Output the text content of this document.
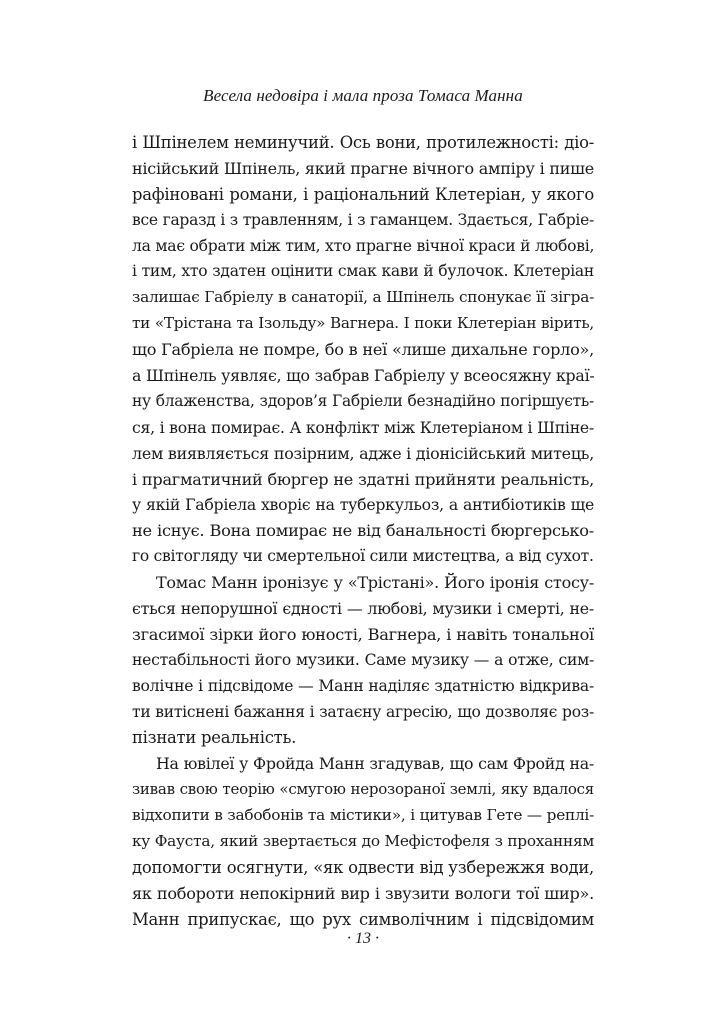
Весела недовіра і мала проза Томаса Манна

і Шпінелем неминучий. Ось вони, протилежності: діо-
нісійський Шпінель, який прагне вічного ампіру і пише
рафіновані романи, і раціональний Клетеріан, у якого
все гаразд і з травленням, і з гаманцем. Здається, Габріе-
ла має обрати між тим, хто прагне вічної краси й любові,
і тим, хто здатен оцінити смак кави й булочок. Клетеріан
залишає Габріелу в санаторії, а Шпінель спонукає її зігра-
ти «Трістана та Ізольду» Вагнера. І поки Клетеріан вірить,
що Габріела не помре, бо в неї «лише дихальне горло»,
а Шпінель уявляє, що забрав Габріелу у всеосяжну краї-
ну блаженства, здоров’я Габріели безнадійно погіршуєть-
ся, і вона помирає. А конфлікт між Клетеріаном і Шпіне-
лем виявляється позірним, адже і діонісійський митець,
і прагматичний бюргер не здатні прийняти реальність,
у якій Габріела хворіє на туберкульоз, а антибіотиків ще
не існує. Вона помирає не від банальності бюргерсько-
го світогляду чи смертельної сили мистецтва, а від сухот.
Томас Манн іронізує у «Трістані». Його іронія стосу-
ється непорушної єдності — любові, музики і смерті, не-
згасимої зірки його юності, Вагнера, і навіть тональної
нестабільності його музики. Саме музику — а отже, сим-
волічне і підсвідоме — Манн наділяє здатністю відкрива-
ти витіснені бажання і затаєну агресію, що дозволяє роз-
пізнати реальність.
На ювілеї у Фройда Манн згадував, що сам Фройд на-
зивав свою теорію «смугою нерозораної землі, яку вдалося
відхопити в забобонів та містики», і цитував Гете — реплі-
ку Фауста, який звертається до Мефістофеля з проханням
допомогти осягнути, «як одвести від узбережжя води,
як побороти непокірний вир і звузити вологи тої шир».
Манн припускає, що рух символічним і підсвідомим

· 13 ·
